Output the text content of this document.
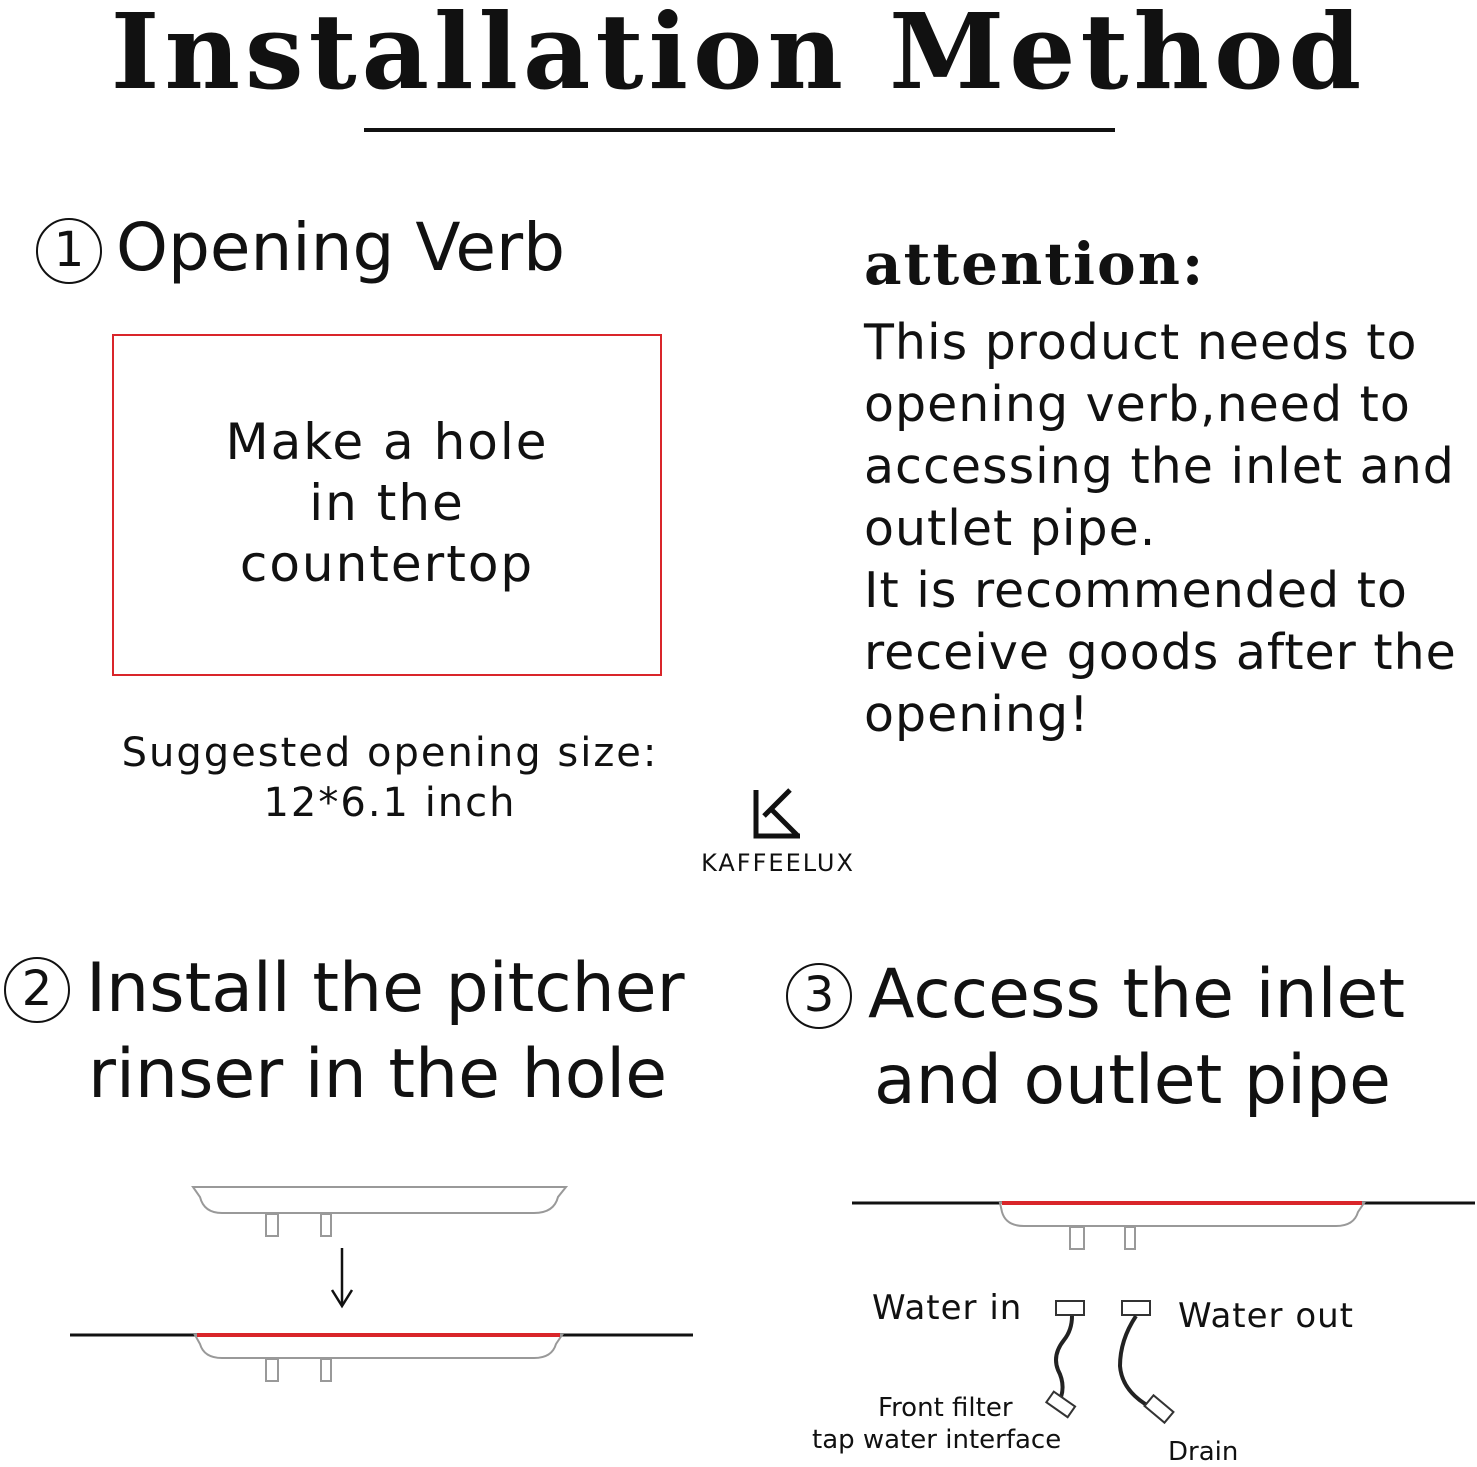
Installation Method
1 Opening Verb
Make a hole
in the
countertop
Suggested opening size:
12*6.1 inch
attention:
This product needs to
opening verb,need to
accessing the inlet and
outlet pipe.
It is recommended to
receive goods after the
opening!
KAFFEELUX
2 Install the pitcher
rinser in the hole
3 Access the inlet
and outlet pipe
Water in	Water out
Front filter
tap water interface	Drain
